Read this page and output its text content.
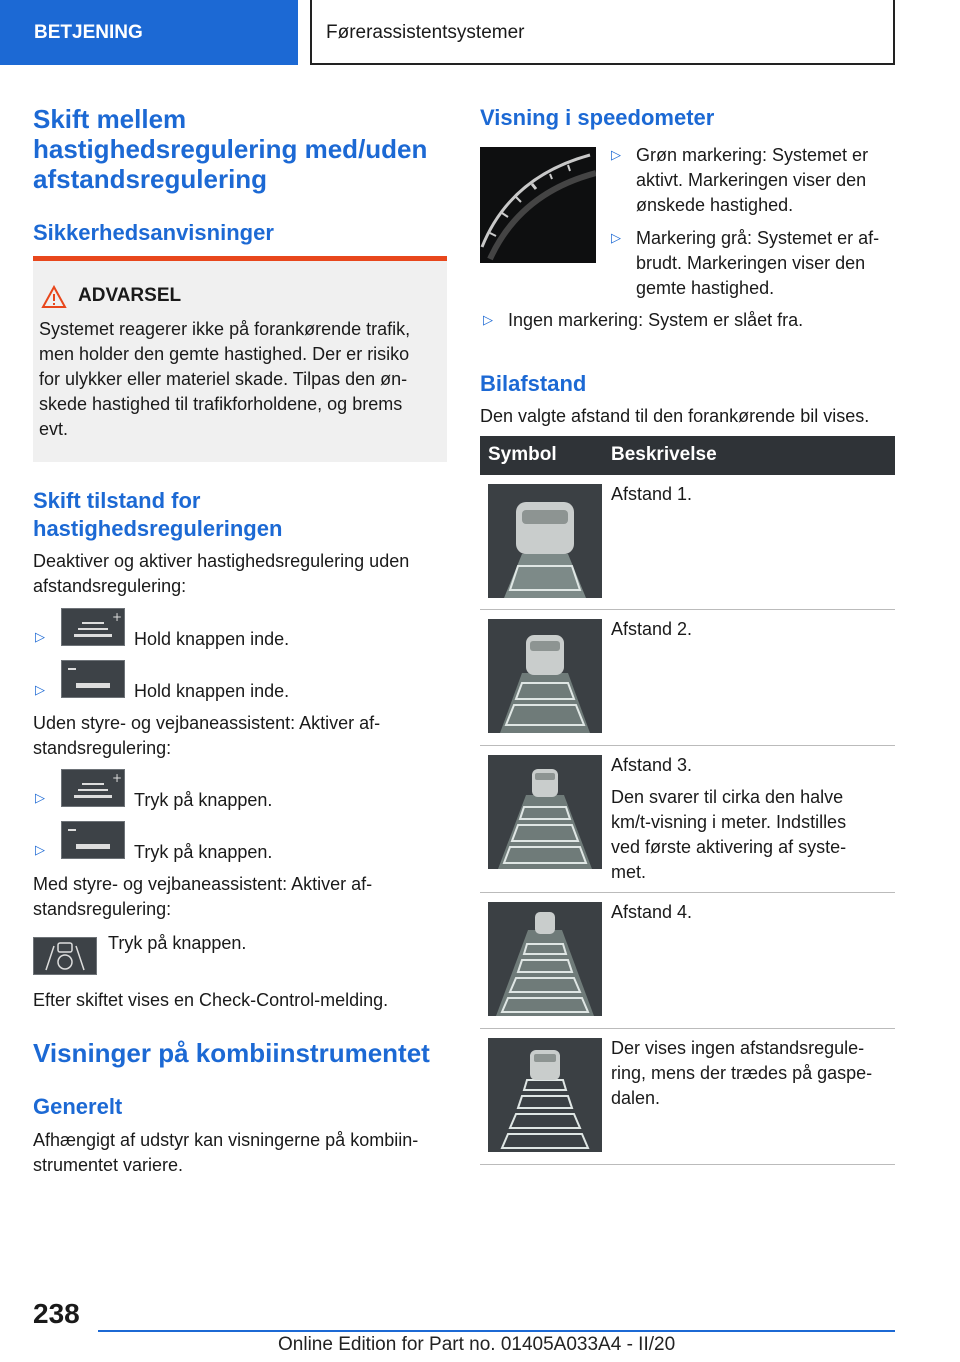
BETJENING	Førerassistentsystemer
Skift mellem
hastighedsregulering med/uden
afstandsregulering
Sikkerhedsanvisninger
ADVARSEL
Systemet reagerer ikke på forankørende trafik,
men holder den gemte hastighed. Der er risiko
for ulykker eller materiel skade. Tilpas den øn-
skede hastighed til trafikforholdene, og brems
evt.
Skift tilstand for
hastighedsreguleringen
Deaktiver og aktiver hastighedsregulering uden
afstandsregulering:
▷
+
Hold knappen inde.
▷	Hold knappen inde.
Uden styre- og vejbaneassistent: Aktiver af-
standsregulering:
▷
+
Tryk på knappen.
▷	Tryk på knappen.
Med styre- og vejbaneassistent: Aktiver af-
standsregulering:
Tryk på knappen.
Efter skiftet vises en Check-Control-melding.
Visninger på kombiinstrumentet
Generelt
Afhængigt af udstyr kan visningerne på kombiin-
strumentet variere.
Visning i speedometer
▷ Grøn markering: Systemet er
aktivt. Markeringen viser den
ønskede hastighed.
▷ Markering grå: Systemet er af-
brudt. Markeringen viser den
gemte hastighed.
▷ Ingen markering: System er slået fra.
Bilafstand
Den valgte afstand til den forankørende bil vises.
Symbol	Beskrivelse
Afstand 1.
Afstand 2.
Afstand 3.
Den svarer til cirka den halve
km/t-visning i meter. Indstilles
ved første aktivering af syste-
met.
Afstand 4.
Der vises ingen afstandsregule-
ring, mens der trædes på gaspe-
dalen.
238
Online Edition for Part no. 01405A033A4 - II/20
